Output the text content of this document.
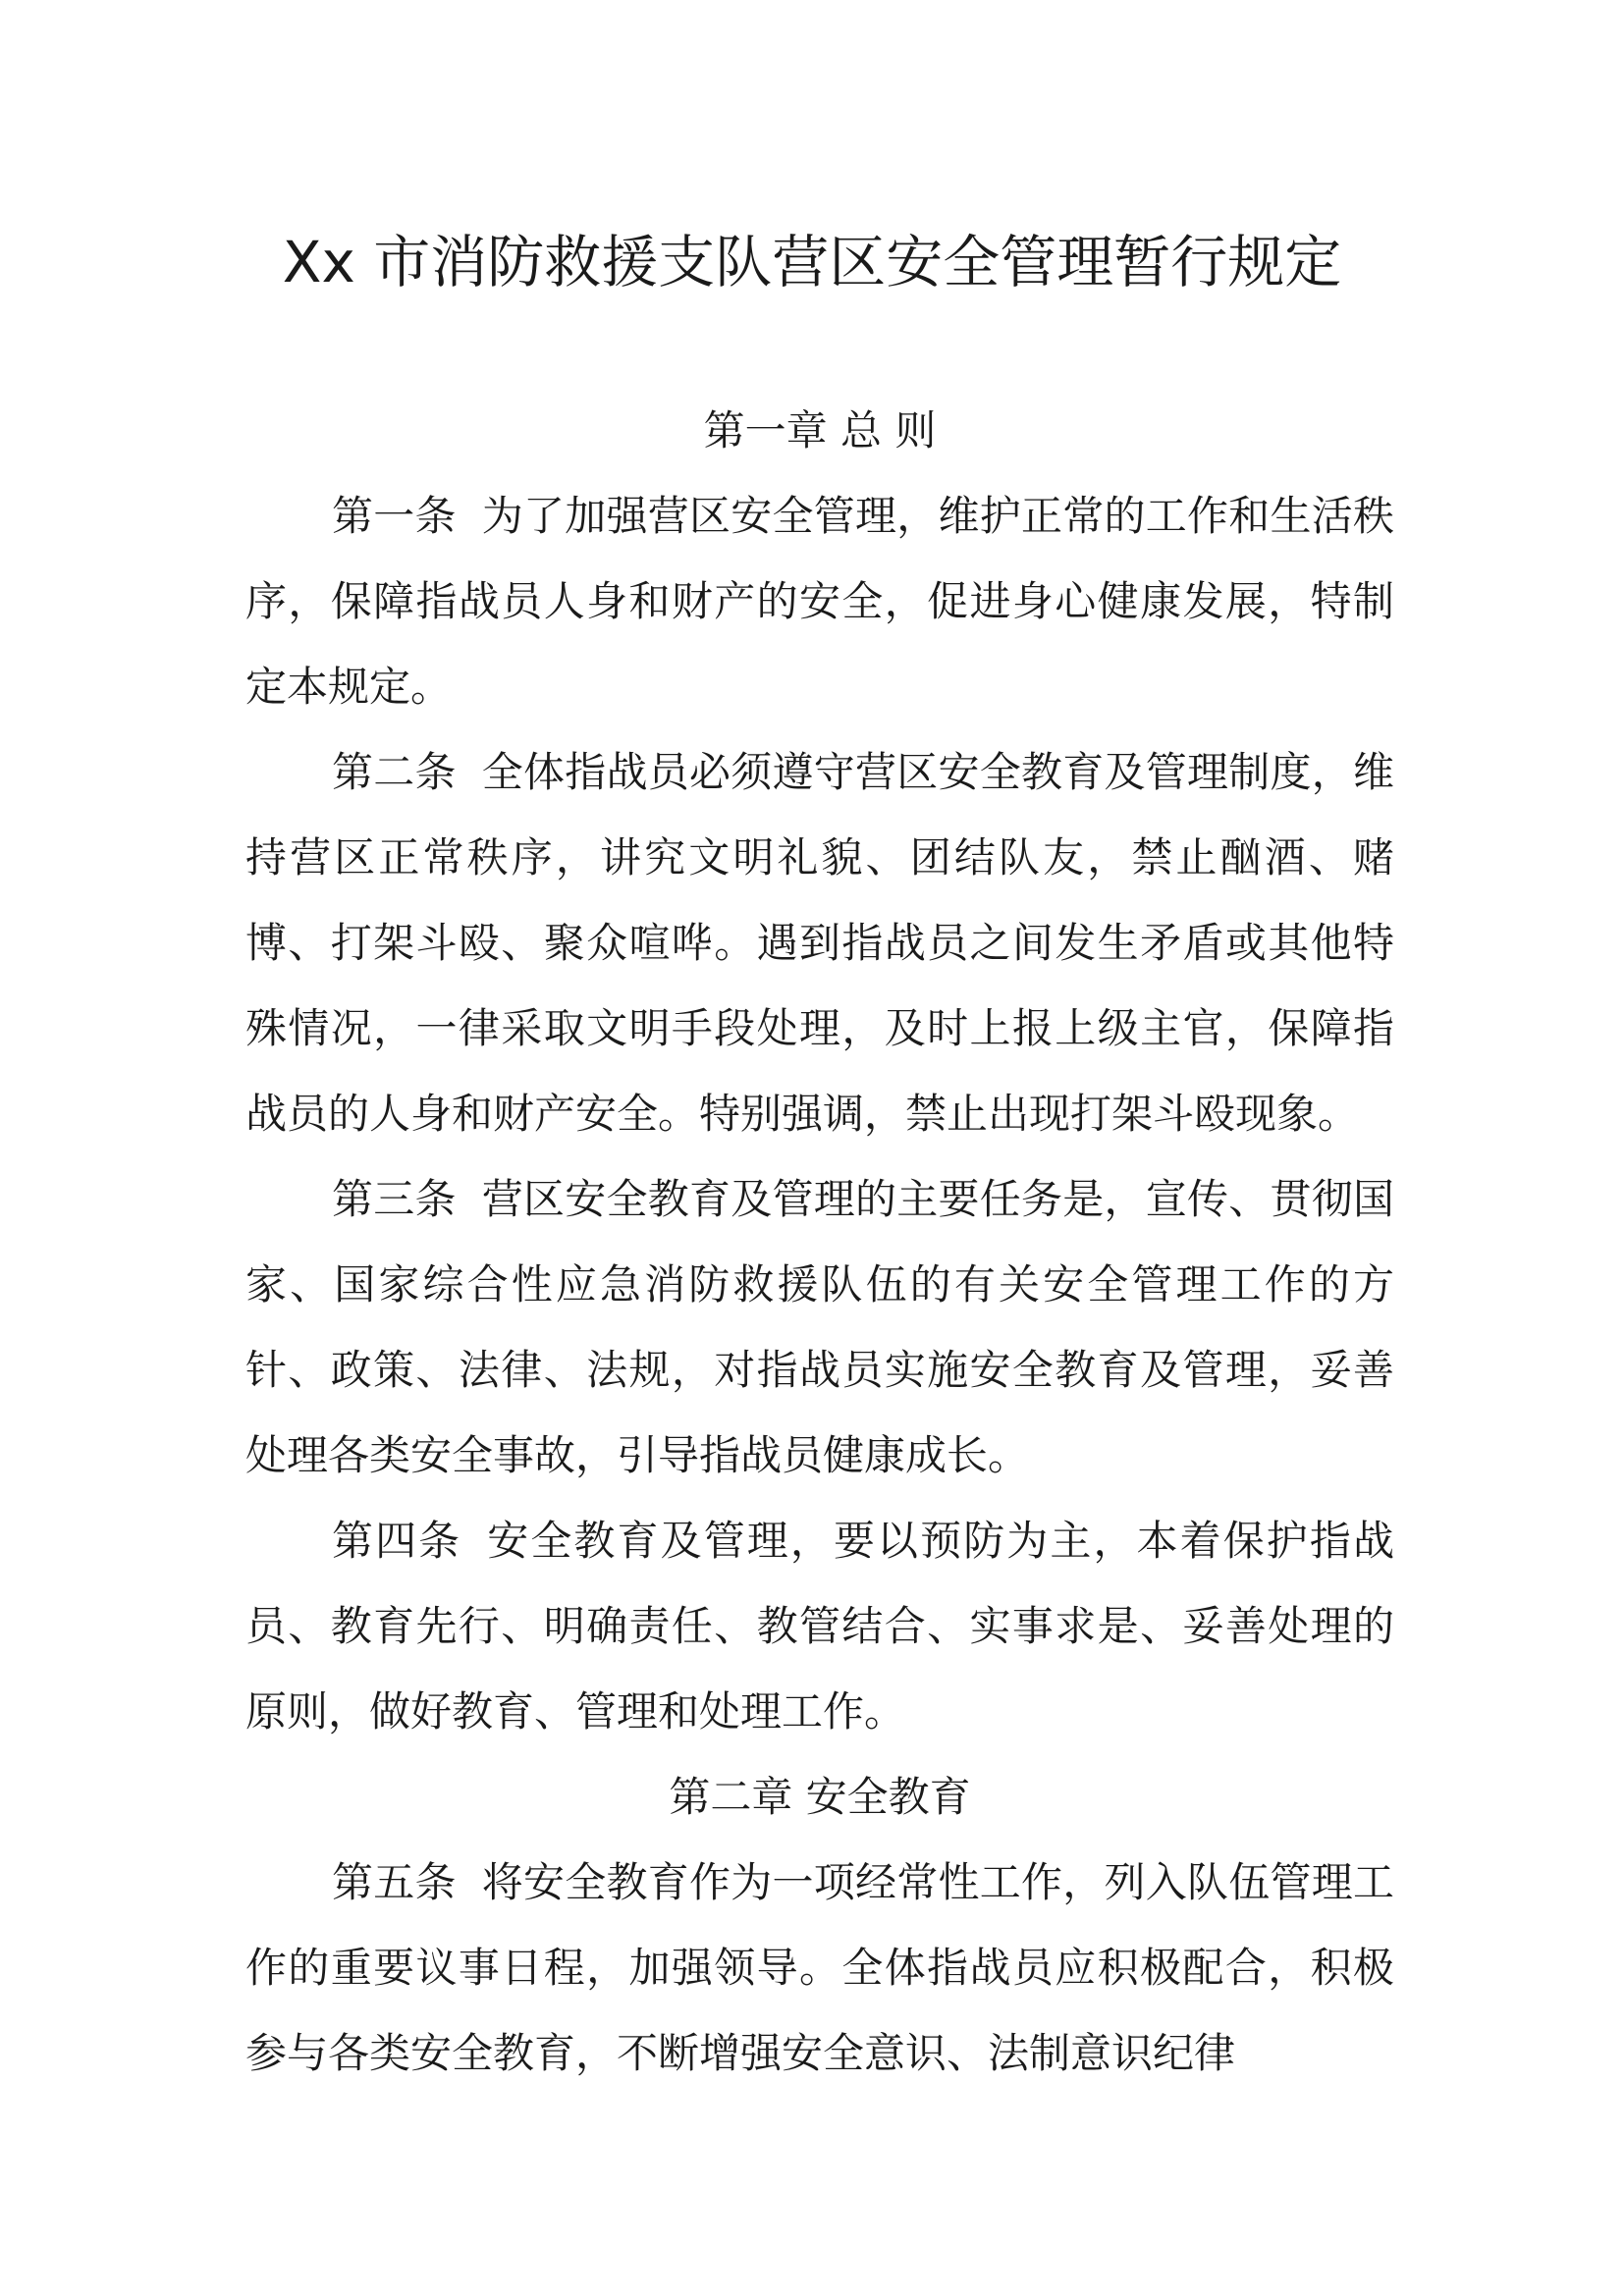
Xx 市消防救援支队营区安全管理暂行规定
第一章 总 则

第一条 为了加强营区安全管理，维护正常的工作和生活秩序，保障指战员人身和财产的安全，促进身心健康发展，特制定本规定。

第二条 全体指战员必须遵守营区安全教育及管理制度，维持营区正常秩序，讲究文明礼貌、团结队友，禁止酗酒、赌博、打架斗殴、聚众喧哗。遇到指战员之间发生矛盾或其他特殊情况，一律采取文明手段处理，及时上报上级主官，保障指战员的人身和财产安全。特别强调，禁止出现打架斗殴现象。

第三条 营区安全教育及管理的主要任务是，宣传、贯彻国家、国家综合性应急消防救援队伍的有关安全管理工作的方针、政策、法律、法规，对指战员实施安全教育及管理，妥善处理各类安全事故，引导指战员健康成长。

第四条 安全教育及管理，要以预防为主，本着保护指战员、教育先行、明确责任、教管结合、实事求是、妥善处理的原则，做好教育、管理和处理工作。

第二章 安全教育

第五条 将安全教育作为一项经常性工作，列入队伍管理工作的重要议事日程，加强领导。全体指战员应积极配合，积极参与各类安全教育，不断增强安全意识、法制意识纪律
